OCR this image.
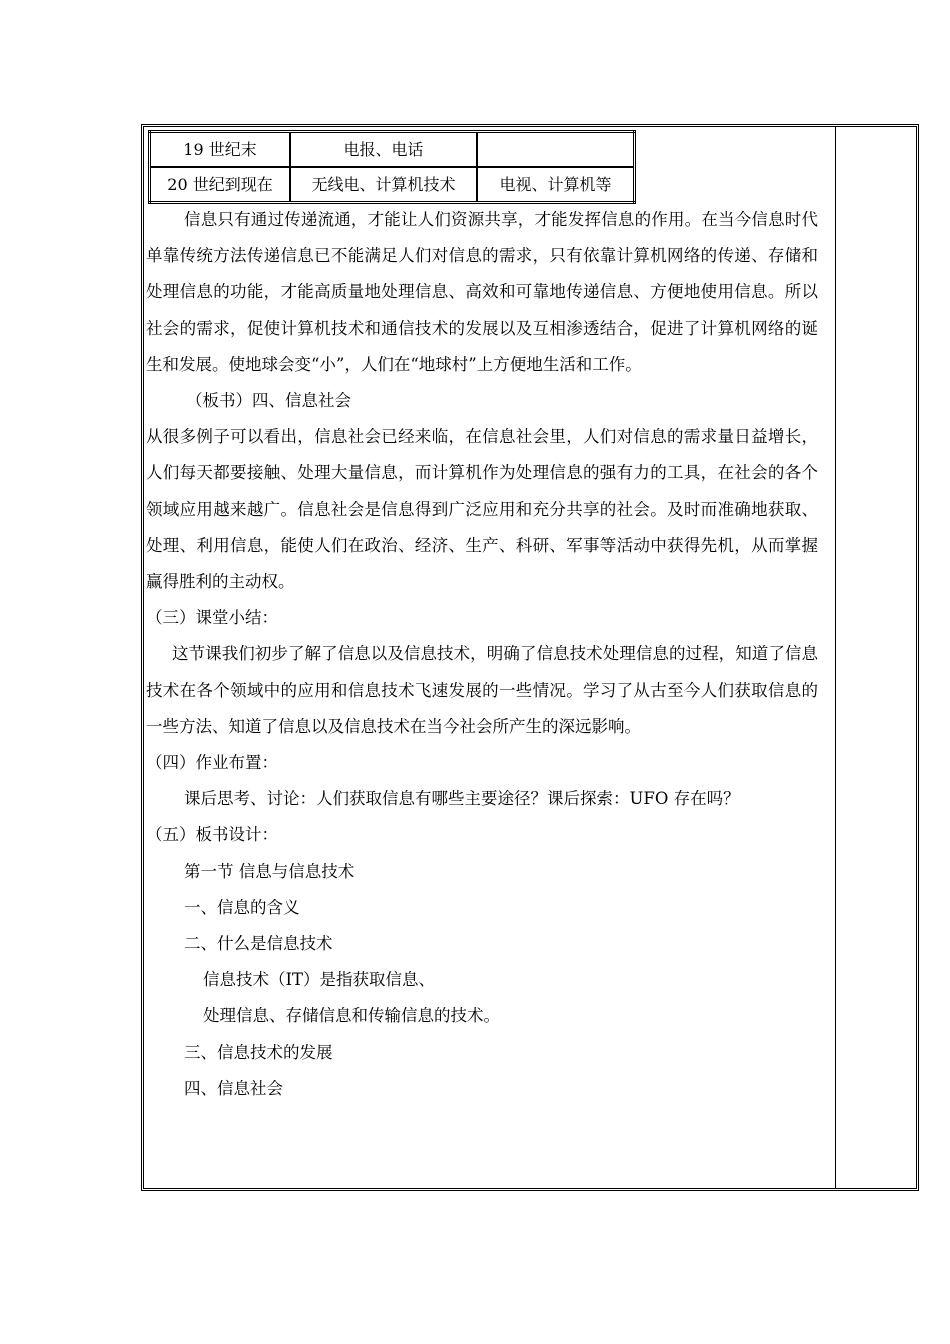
19 世纪末	电报、电话	
20 世纪到现在	无线电、计算机技术	电视、计算机等

信息只有通过传递流通，才能让人们资源共享，才能发挥信息的作用。在当今信息时代单靠传统方法传递信息已不能满足人们对信息的需求，只有依靠计算机网络的传递、存储和处理信息的功能，才能高质量地处理信息、高效和可靠地传递信息、方便地使用信息。所以社会的需求，促使计算机技术和通信技术的发展以及互相渗透结合，促进了计算机网络的诞生和发展。使地球会变“小”，人们在“地球村”上方便地生活和工作。

（板书）四、信息社会

从很多例子可以看出，信息社会已经来临，在信息社会里，人们对信息的需求量日益增长，人们每天都要接触、处理大量信息，而计算机作为处理信息的强有力的工具，在社会的各个领域应用越来越广。信息社会是信息得到广泛应用和充分共享的社会。及时而准确地获取、处理、利用信息，能使人们在政治、经济、生产、科研、军事等活动中获得先机，从而掌握赢得胜利的主动权。

（三）课堂小结：

这节课我们初步了解了信息以及信息技术，明确了信息技术处理信息的过程，知道了信息技术在各个领域中的应用和信息技术飞速发展的一些情况。学习了从古至今人们获取信息的一些方法、知道了信息以及信息技术在当今社会所产生的深远影响。

（四）作业布置：

课后思考、讨论：人们获取信息有哪些主要途径？课后探索：UFO 存在吗？

（五）板书设计：

第一节 信息与信息技术

一、信息的含义

二、什么是信息技术

信息技术（IT）是指获取信息、

处理信息、存储信息和传输信息的技术。

三、信息技术的发展

四、信息社会
